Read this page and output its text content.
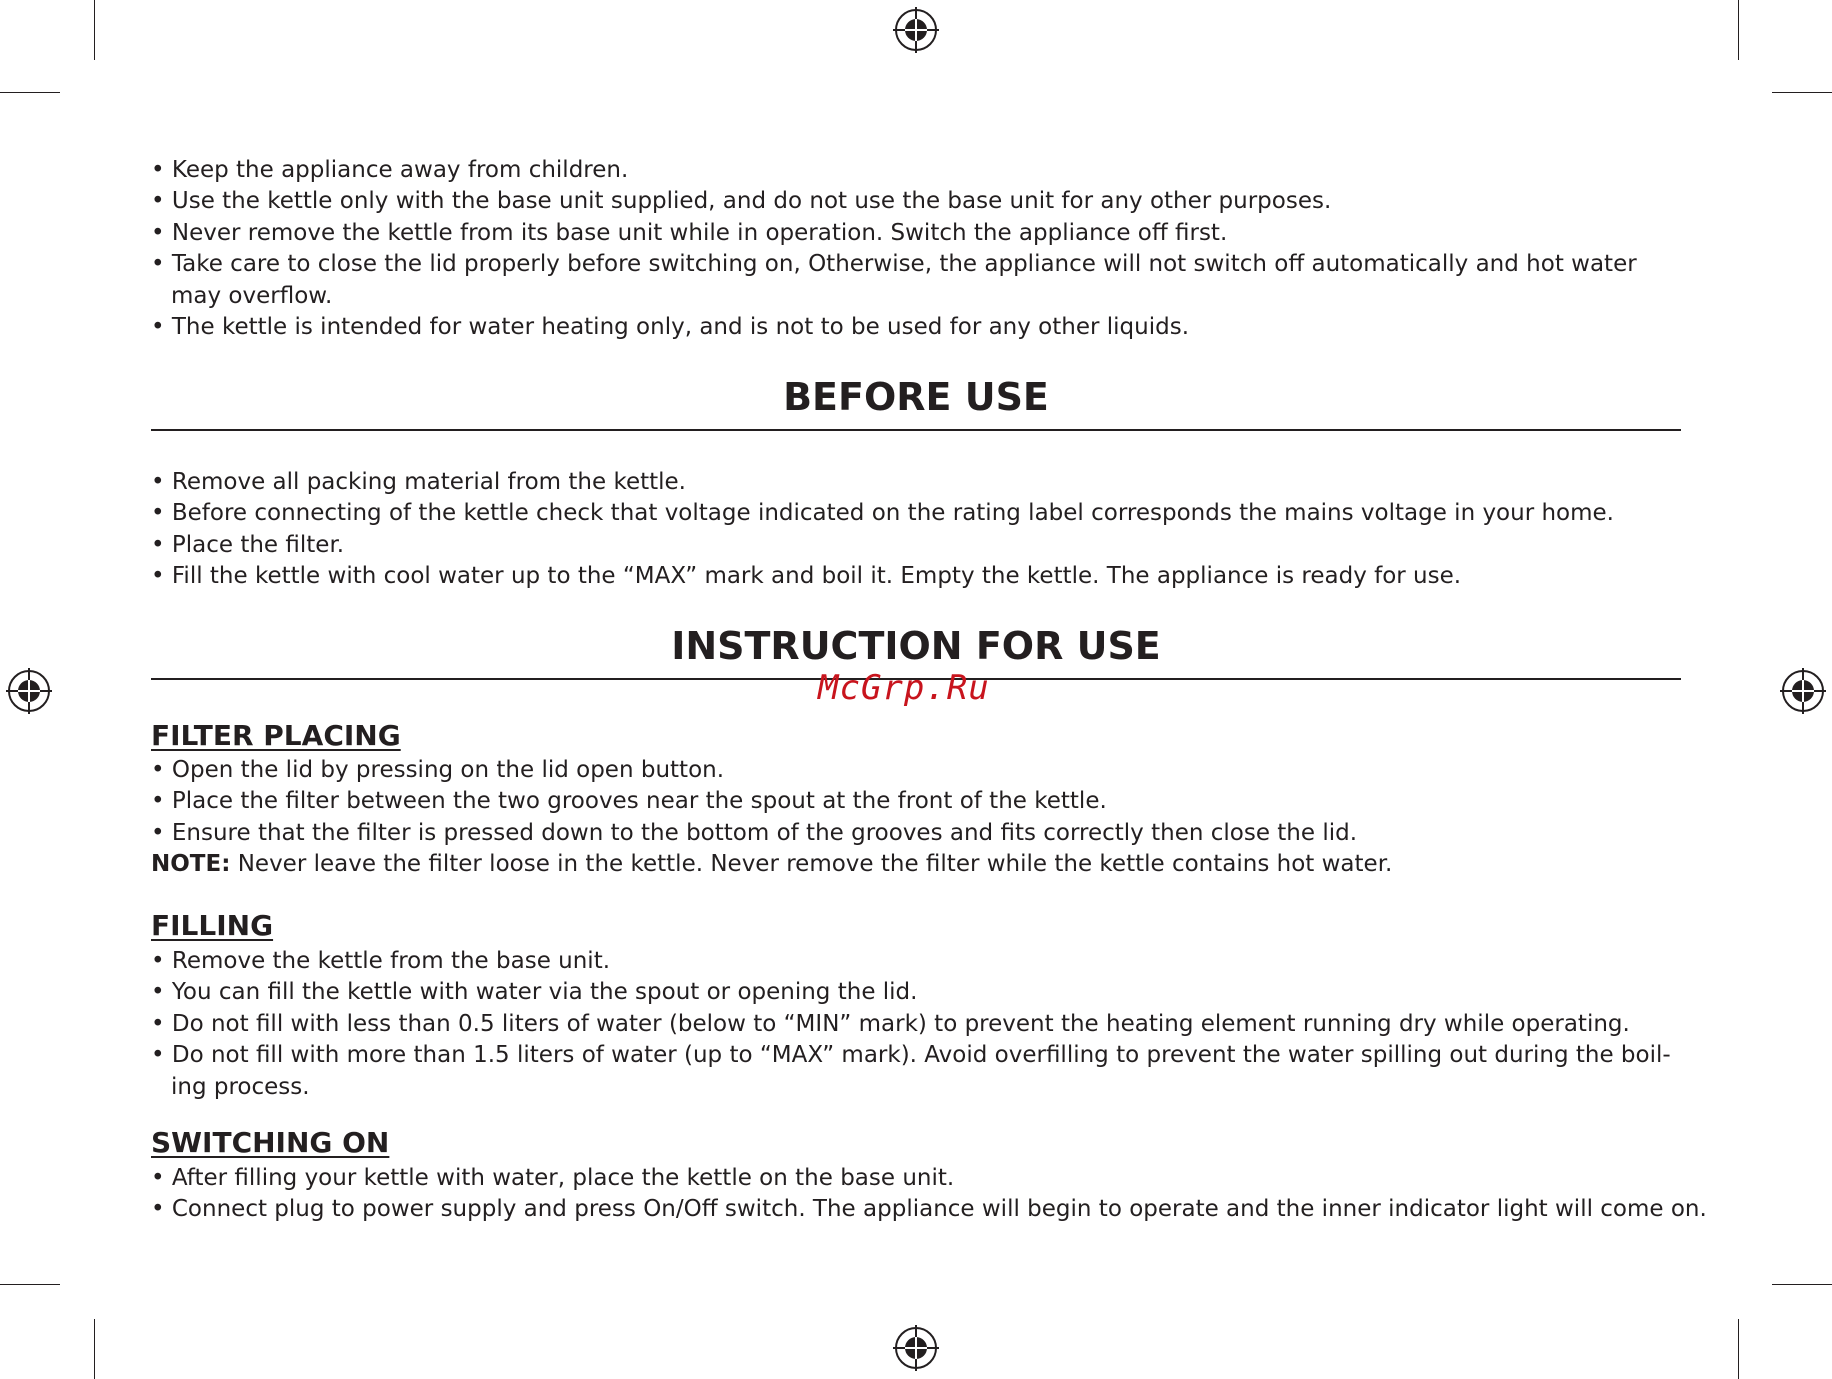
• Keep the appliance away from children.

• Use the kettle only with the base unit supplied, and do not use the base unit for any other purposes.

• Never remove the kettle from its base unit while in operation. Switch the appliance off first.

• Take care to close the lid properly before switching on, Otherwise, the appliance will not switch off automatically and hot water may overflow.

• The kettle is intended for water heating only, and is not to be used for any other liquids.

BEFORE USE

• Remove all packing material from the kettle.

• Before connecting of the kettle check that voltage indicated on the rating label corresponds the mains voltage in your home.

• Place the filter.

• Fill the kettle with cool water up to the “MAX” mark and boil it. Empty the kettle. The appliance is ready for use.

INSTRUCTION FOR USE
McGrp.Ru
FILTER PLACING

• Open the lid by pressing on the lid open button.

• Place the filter between the two grooves near the spout at the front of the kettle.

• Ensure that the filter is pressed down to the bottom of the grooves and fits correctly then close the lid.

NOTE: Never leave the filter loose in the kettle. Never remove the filter while the kettle contains hot water.

FILLING

• Remove the kettle from the base unit.

• You can fill the kettle with water via the spout or opening the lid.

• Do not fill with less than 0.5 liters of water (below to “MIN” mark) to prevent the heating element running dry while operating.

• Do not fill with more than 1.5 liters of water (up to “MAX” mark). Avoid overfilling to prevent the water spilling out during the boil-ing process.

SWITCHING ON

• After filling your kettle with water, place the kettle on the base unit.

• Connect plug to power supply and press On/Off switch. The appliance will begin to operate and the inner indicator light will come on.
